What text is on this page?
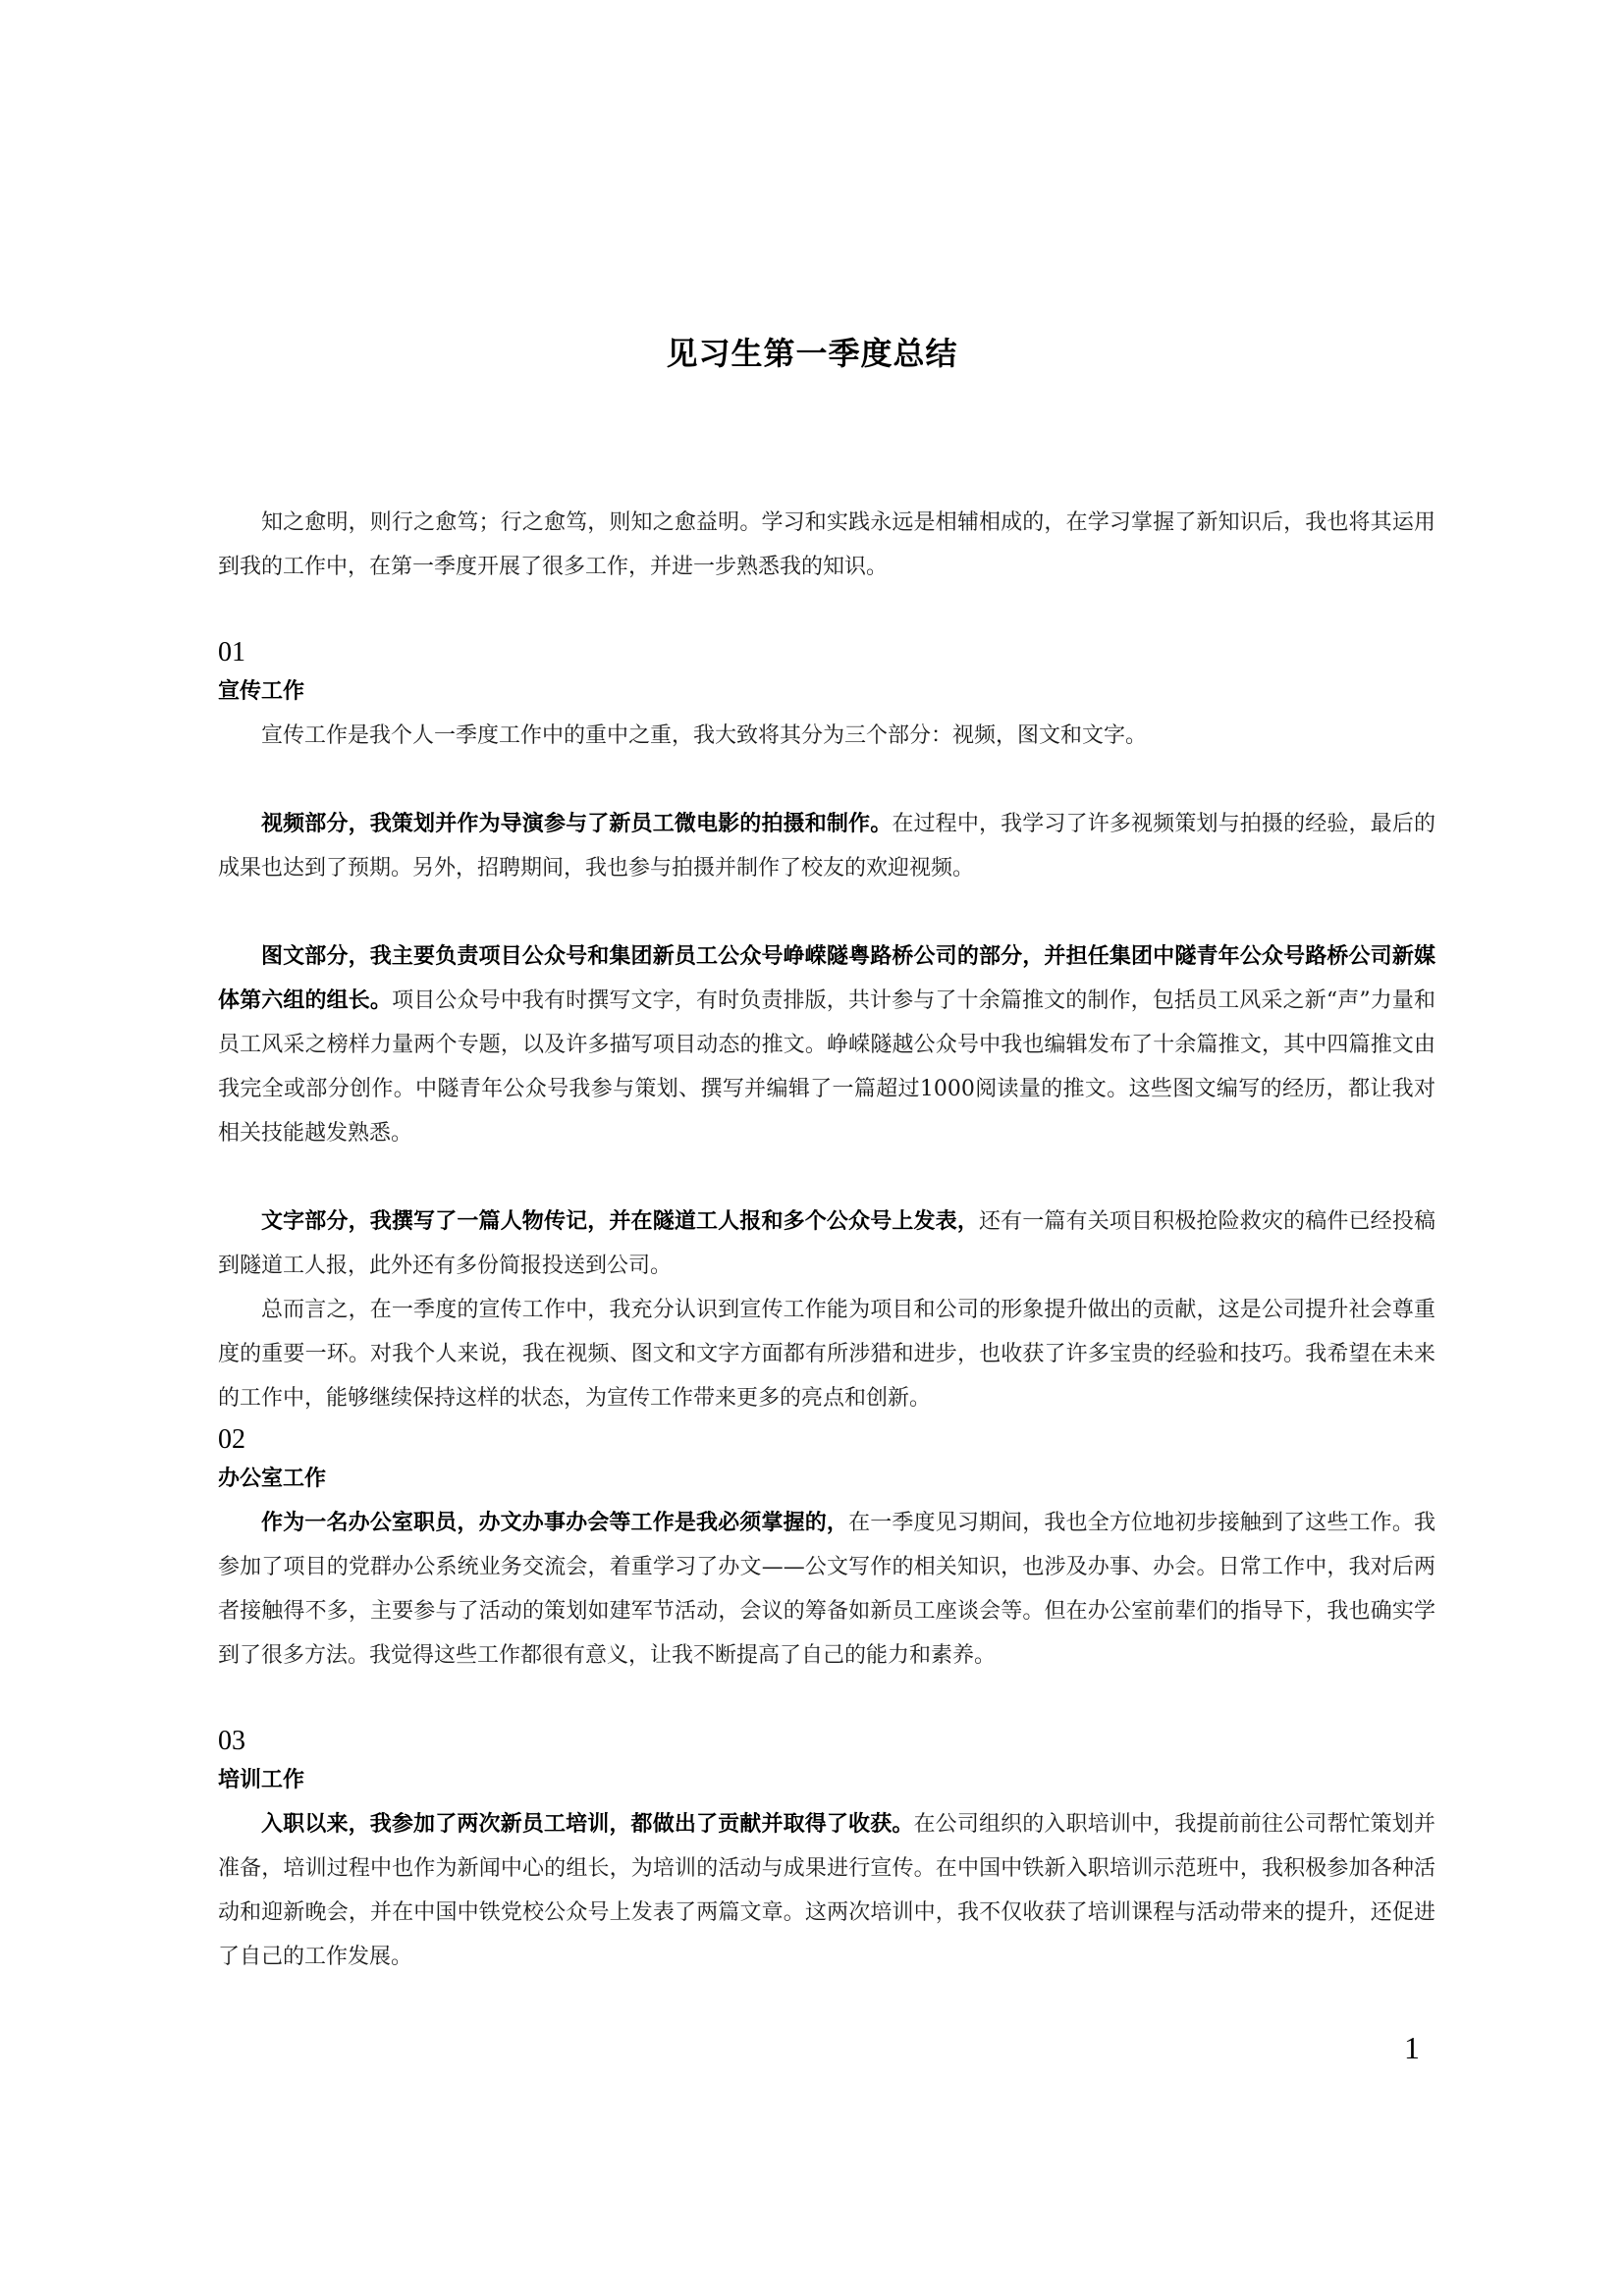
见习生第一季度总结

知之愈明，则行之愈笃；行之愈笃，则知之愈益明。学习和实践永远是相辅相成的，在学习掌握了新知识后，我也将其运用到我的工作中，在第一季度开展了很多工作，并进一步熟悉我的知识。

01
宣传工作

宣传工作是我个人一季度工作中的重中之重，我大致将其分为三个部分：视频，图文和文字。

视频部分，我策划并作为导演参与了新员工微电影的拍摄和制作。在过程中，我学习了许多视频策划与拍摄的经验，最后的成果也达到了预期。另外，招聘期间，我也参与拍摄并制作了校友的欢迎视频。

图文部分，我主要负责项目公众号和集团新员工公众号峥嵘隧粤路桥公司的部分，并担任集团中隧青年公众号路桥公司新媒体第六组的组长。项目公众号中我有时撰写文字，有时负责排版，共计参与了十余篇推文的制作，包括员工风采之新“声”力量和员工风采之榜样力量两个专题，以及许多描写项目动态的推文。峥嵘隧越公众号中我也编辑发布了十余篇推文，其中四篇推文由我完全或部分创作。中隧青年公众号我参与策划、撰写并编辑了一篇超过1000阅读量的推文。这些图文编写的经历，都让我对相关技能越发熟悉。

文字部分，我撰写了一篇人物传记，并在隧道工人报和多个公众号上发表，还有一篇有关项目积极抢险救灾的稿件已经投稿到隧道工人报，此外还有多份简报投送到公司。

总而言之，在一季度的宣传工作中，我充分认识到宣传工作能为项目和公司的形象提升做出的贡献，这是公司提升社会尊重度的重要一环。对我个人来说，我在视频、图文和文字方面都有所涉猎和进步，也收获了许多宝贵的经验和技巧。我希望在未来的工作中，能够继续保持这样的状态，为宣传工作带来更多的亮点和创新。

02
办公室工作

作为一名办公室职员，办文办事办会等工作是我必须掌握的，在一季度见习期间，我也全方位地初步接触到了这些工作。我参加了项目的党群办公系统业务交流会，着重学习了办文——公文写作的相关知识，也涉及办事、办会。日常工作中，我对后两者接触得不多，主要参与了活动的策划如建军节活动，会议的筹备如新员工座谈会等。但在办公室前辈们的指导下，我也确实学到了很多方法。我觉得这些工作都很有意义，让我不断提高了自己的能力和素养。

03
培训工作

入职以来，我参加了两次新员工培训，都做出了贡献并取得了收获。在公司组织的入职培训中，我提前前往公司帮忙策划并准备，培训过程中也作为新闻中心的组长，为培训的活动与成果进行宣传。在中国中铁新入职培训示范班中，我积极参加各种活动和迎新晚会，并在中国中铁党校公众号上发表了两篇文章。这两次培训中，我不仅收获了培训课程与活动带来的提升，还促进了自己的工作发展。

1
